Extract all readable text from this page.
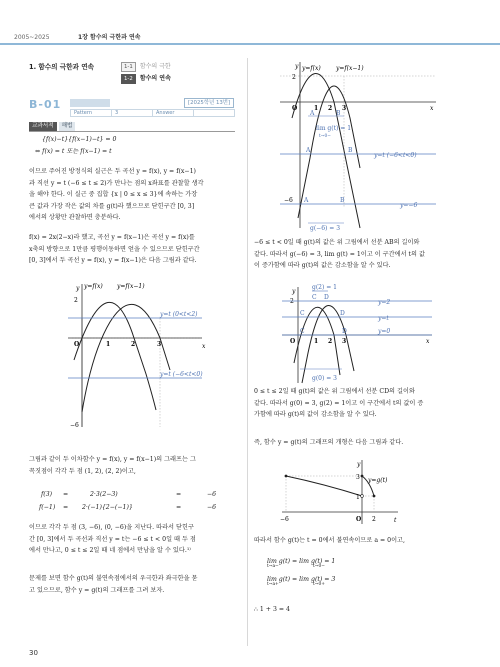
2005~2025	1장 함수의 극한과 연속
1. 함수의 극한과 연속	1-1	함수의 극한
1-2	함수의 연속
B-01	[2025학년 13번]
Pattern	3	Answer
교과서적	해법
{f(x)−t}{f(x−1)−t} = 0
⇔ f(x) = t 또는 f(x−1) = t
이므로 주어진 방정식의 실근은 두 곡선 y = f(x), y = f(x−1)
과 직선 y = t (−6 ≤ t ≤ 2)가 만나는 점의 x좌표를 관찰할 생각
을 해야 한다. 이 실근 중 집합 {x | 0 ≤ x ≤ 3}에 속하는 가장
큰 값과 가장 작은 값의 차를 g(t)라 했으므로 닫힌구간 [0, 3]
에서의 상황만 관찰하면 충분하다.
f(x) = 2x(2−x)라 했고, 곡선 y = f(x−1)은 곡선 y = f(x)를
x축의 방향으로 1만큼 평행이동하면 얻을 수 있으므로 닫힌구간
[0, 3]에서 두 곡선 y = f(x), y = f(x−1)은 다음 그림과 같다.
y
x
2
−6
O	1	2	3
y=f(x) y=f(x−1)
y=t (0<t<2)
y=t (−6<t<0)
그림과 같이 두 이차함수 y = f(x), y = f(x−1)의 그래프는 그
꼭짓점이 각각 두 점 (1, 2), (2, 2)이고,
f(3) =	2·3(2−3)	=	−6
f(−1) = 2·(−1){2−(−1)}	=	−6
이므로 각각 두 점 (3, −6), (0, −6)을 지난다. 따라서 닫힌구
간 [0, 3]에서 두 곡선과 직선 y = t는 −6 ≤ t < 0일 때 두 점
에서 만나고, 0 ≤ t ≤ 2일 때 네 점에서 만남을 알 수 있다.¹⁾
문제를 보면 함수 g(t)의 불연속점에서의 우극한과 좌극한을 묻
고 있으므로, 함수 y = g(t)의 그래프를 그려 보자.
30
y
x
2
O	1 2 3
y=f(x)	y=f(x−1)
A	B
lim g(t) = 1
t→0−
A	B
y=t (−6<t<0)
y=−6
−6 A	B
g(−6) = 3
−6 ≤ t < 0일 때 g(t)의 값은 위 그림에서 선분 AB의 길이와
같다. 따라서 g(−6) = 3, lim g(t) = 1이고 이 구간에서 t의 값
이 증가함에 따라 g(t)의 값은 감소함을 알 수 있다.
y
x
2
O	1 2 3
g(2) = 1
C D
C	D
C	D
y=2
y=t
y=0
g(0) = 3
0 ≤ t ≤ 2일 때 g(t)의 값은 위 그림에서 선분 CD의 길이와
같다. 따라서 g(0) = 3, g(2) = 1이고 이 구간에서 t의 값이 증
가함에 따라 g(t)의 값이 감소함을 알 수 있다.
즉, 함수 y = g(t)의 그래프의 개형은 다음 그림과 같다.
y
t
3
1
y=g(t)
−6	O 2
따라서 함수 g(t)는 t = 0에서 불연속이므로 a = 0이고,
lim g(t) = lim g(t) = 1
t→a−	t→0−
lim g(t) = lim g(t) = 3
t→a+	t→0+
∴ 1 + 3 = 4
